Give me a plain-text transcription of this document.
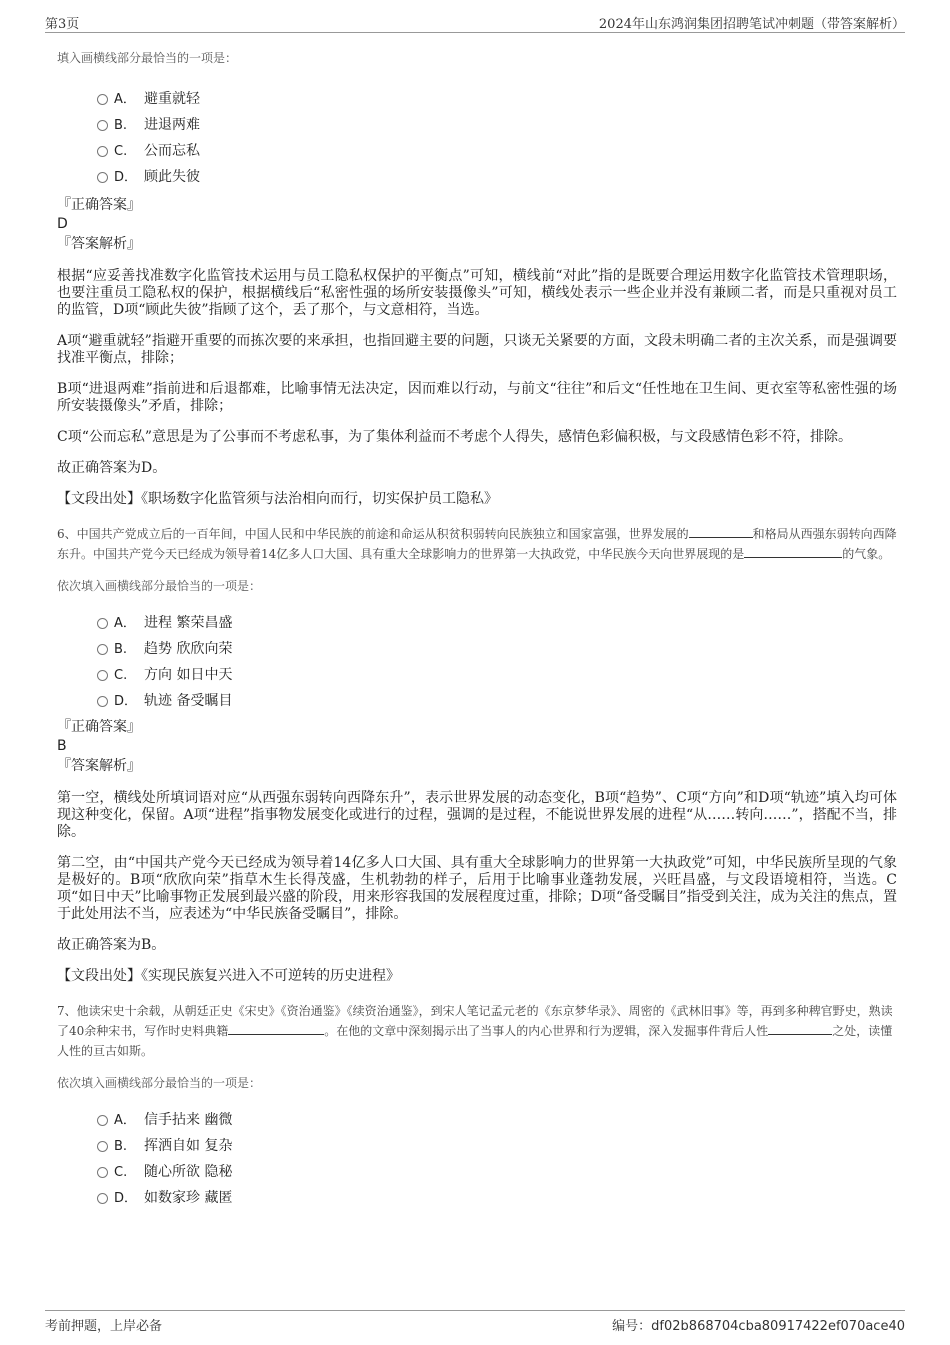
第3页	2024年山东鸿润集团招聘笔试冲刺题（带答案解析）
填入画横线部分最恰当的一项是：
A． 避重就轻
B. 进退两难
C. 公而忘私
D． 顾此失彼
『正确答案』
D
『答案解析』

根据“应妥善找准数字化监管技术运用与员工隐私权保护的平衡点”可知，横线前“对此”指的是既要合理运用数字化监管技术管理职场，也要注重员工隐私权的保护，根据横线后“私密性强的场所安装摄像头”可知，横线处表示一些企业并没有兼顾二者，而是只重视对员工的监管，D项“顾此失彼”指顾了这个，丢了那个，与文意相符，当选。

A项“避重就轻”指避开重要的而拣次要的来承担，也指回避主要的问题，只谈无关紧要的方面，文段未明确二者的主次关系，而是强调要找准平衡点，排除；

B项“进退两难”指前进和后退都难，比喻事情无法决定，因而难以行动，与前文“往往”和后文“任性地在卫生间、更衣室等私密性强的场所安装摄像头”矛盾，排除；

C项“公而忘私”意思是为了公事而不考虑私事，为了集体利益而不考虑个人得失，感情色彩偏积极，与文段感情色彩不符，排除。

故正确答案为D。

【文段出处】《职场数字化监管须与法治相向而行，切实保护员工隐私》
6、中国共产党成立后的一百年间，中国人民和中华民族的前途和命运从积贫积弱转向民族独立和国家富强，世界发展的	和格局从西强东弱转向西降东升。中国共产党今天已经成为领导着14亿多人口大国、具有重大全球影响力的世界第一大执政党，中华民族今天向世界展现的是	的气象。
依次填入画横线部分最恰当的一项是：
A． 进程 繁荣昌盛
B. 趋势 欣欣向荣
C. 方向 如日中天
D． 轨迹 备受瞩目
『正确答案』
B
『答案解析』

第一空，横线处所填词语对应“从西强东弱转向西降东升”，表示世界发展的动态变化，B项“趋势”、C项“方向”和D项“轨迹”填入均可体现这种变化，保留。A项“进程”指事物发展变化或进行的过程，强调的是过程，不能说世界发展的进程“从……转向……”，搭配不当，排除。

第二空，由“中国共产党今天已经成为领导着14亿多人口大国、具有重大全球影响力的世界第一大执政党”可知，中华民族所呈现的气象是极好的。B项“欣欣向荣”指草木生长得茂盛，生机勃勃的样子，后用于比喻事业蓬勃发展，兴旺昌盛，与文段语境相符，当选。C项“如日中天”比喻事物正发展到最兴盛的阶段，用来形容我国的发展程度过重，排除；D项“备受瞩目”指受到关注，成为关注的焦点，置于此处用法不当，应表述为“中华民族备受瞩目”，排除。

故正确答案为B。

【文段出处】《实现民族复兴进入不可逆转的历史进程》
7、他读宋史十余载，从朝廷正史《宋史》《资治通鉴》《续资治通鉴》，到宋人笔记孟元老的《东京梦华录》、周密的《武林旧事》等，再到多种稗官野史，熟读了40余种宋书，写作时史料典籍	。在他的文章中深刻揭示出了当事人的内心世界和行为逻辑，深入发掘事件背后人性	之处，读懂人性的亘古如斯。
依次填入画横线部分最恰当的一项是：
A． 信手拈来 幽微
B. 挥洒自如 复杂
C. 随心所欲 隐秘
D． 如数家珍 藏匿
考前押题，上岸必备	编号：df02b868704cba80917422ef070ace40
